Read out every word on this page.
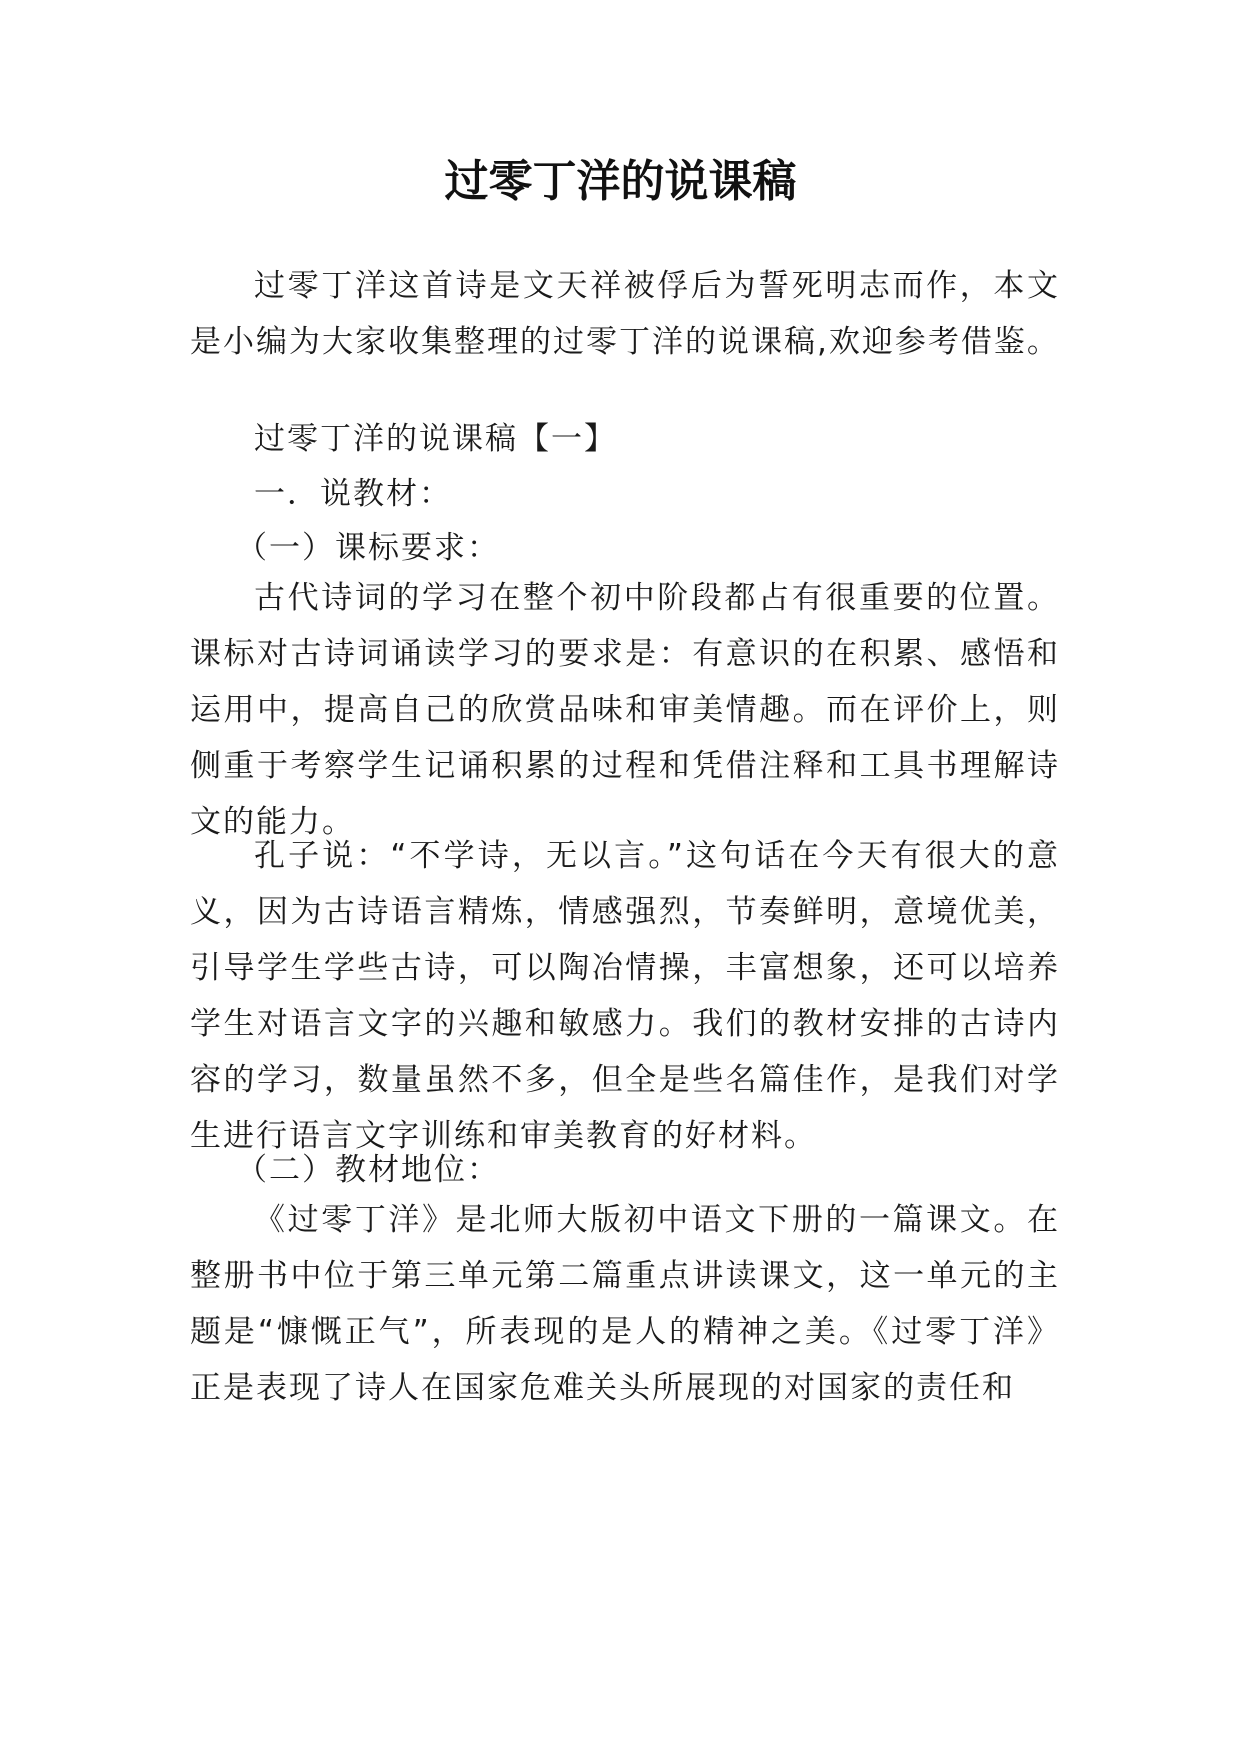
过零丁洋的说课稿

过零丁洋这首诗是文天祥被俘后为誓死明志而作，本文是小编为大家收集整理的过零丁洋的说课稿,欢迎参考借鉴。

过零丁洋的说课稿【一】

一．说教材：

（一）课标要求：

古代诗词的学习在整个初中阶段都占有很重要的位置。课标对古诗词诵读学习的要求是：有意识的在积累、感悟和运用中，提高自己的欣赏品味和审美情趣。而在评价上，则侧重于考察学生记诵积累的过程和凭借注释和工具书理解诗文的能力。

孔子说：“不学诗，无以言。”这句话在今天有很大的意义，因为古诗语言精炼，情感强烈，节奏鲜明，意境优美，引导学生学些古诗，可以陶冶情操，丰富想象，还可以培养学生对语言文字的兴趣和敏感力。我们的教材安排的古诗内容的学习，数量虽然不多，但全是些名篇佳作，是我们对学生进行语言文字训练和审美教育的好材料。

（二）教材地位：

《过零丁洋》是北师大版初中语文下册的一篇课文。在整册书中位于第三单元第二篇重点讲读课文，这一单元的主题是“慷慨正气”，所表现的是人的精神之美。《过零丁洋》正是表现了诗人在国家危难关头所展现的对国家的责任和
